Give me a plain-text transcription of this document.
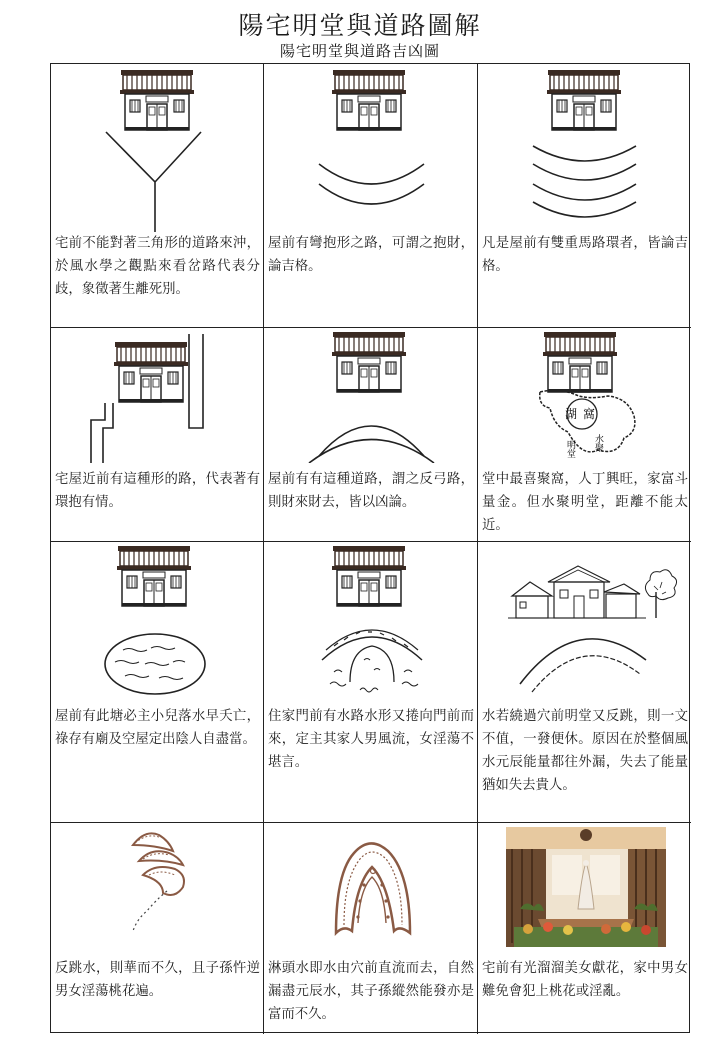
陽宅明堂與道路圖解
陽宅明堂與道路吉凶圖
宅前不能對著三角形的道路來沖，於風水學之觀點來看岔路代表分歧，象徵著生離死別。
屋前有彎抱形之路，可謂之抱財，論吉格。
凡是屋前有雙重馬路環者，皆論吉格。
宅屋近前有這種形的路，代表著有環抱有情。
屋前有有這種道路，謂之反弓路，則財來財去，皆以凶論。
湖 窩
明堂 水聚
堂中最喜聚窩，人丁興旺，家富斗量金。但水聚明堂，距離不能太近。
屋前有此塘必主小兒落水早夭亡，祿存有廟及空屋定出陰人自盡當。
住家門前有水路水形又捲向門前而來，定主其家人男風流，女淫蕩不堪言。
水若繞過穴前明堂又反跳，則一文不值，一發便休。原因在於整個風水元辰能量都往外漏，失去了能量猶如失去貴人。
反跳水，則華而不久，且子孫忤逆男女淫蕩桃花遍。
淋頭水即水由穴前直流而去，自然漏盡元辰水，其子孫縱然能發亦是富而不久。
宅前有光溜溜美女獻花，家中男女難免會犯上桃花或淫亂。
